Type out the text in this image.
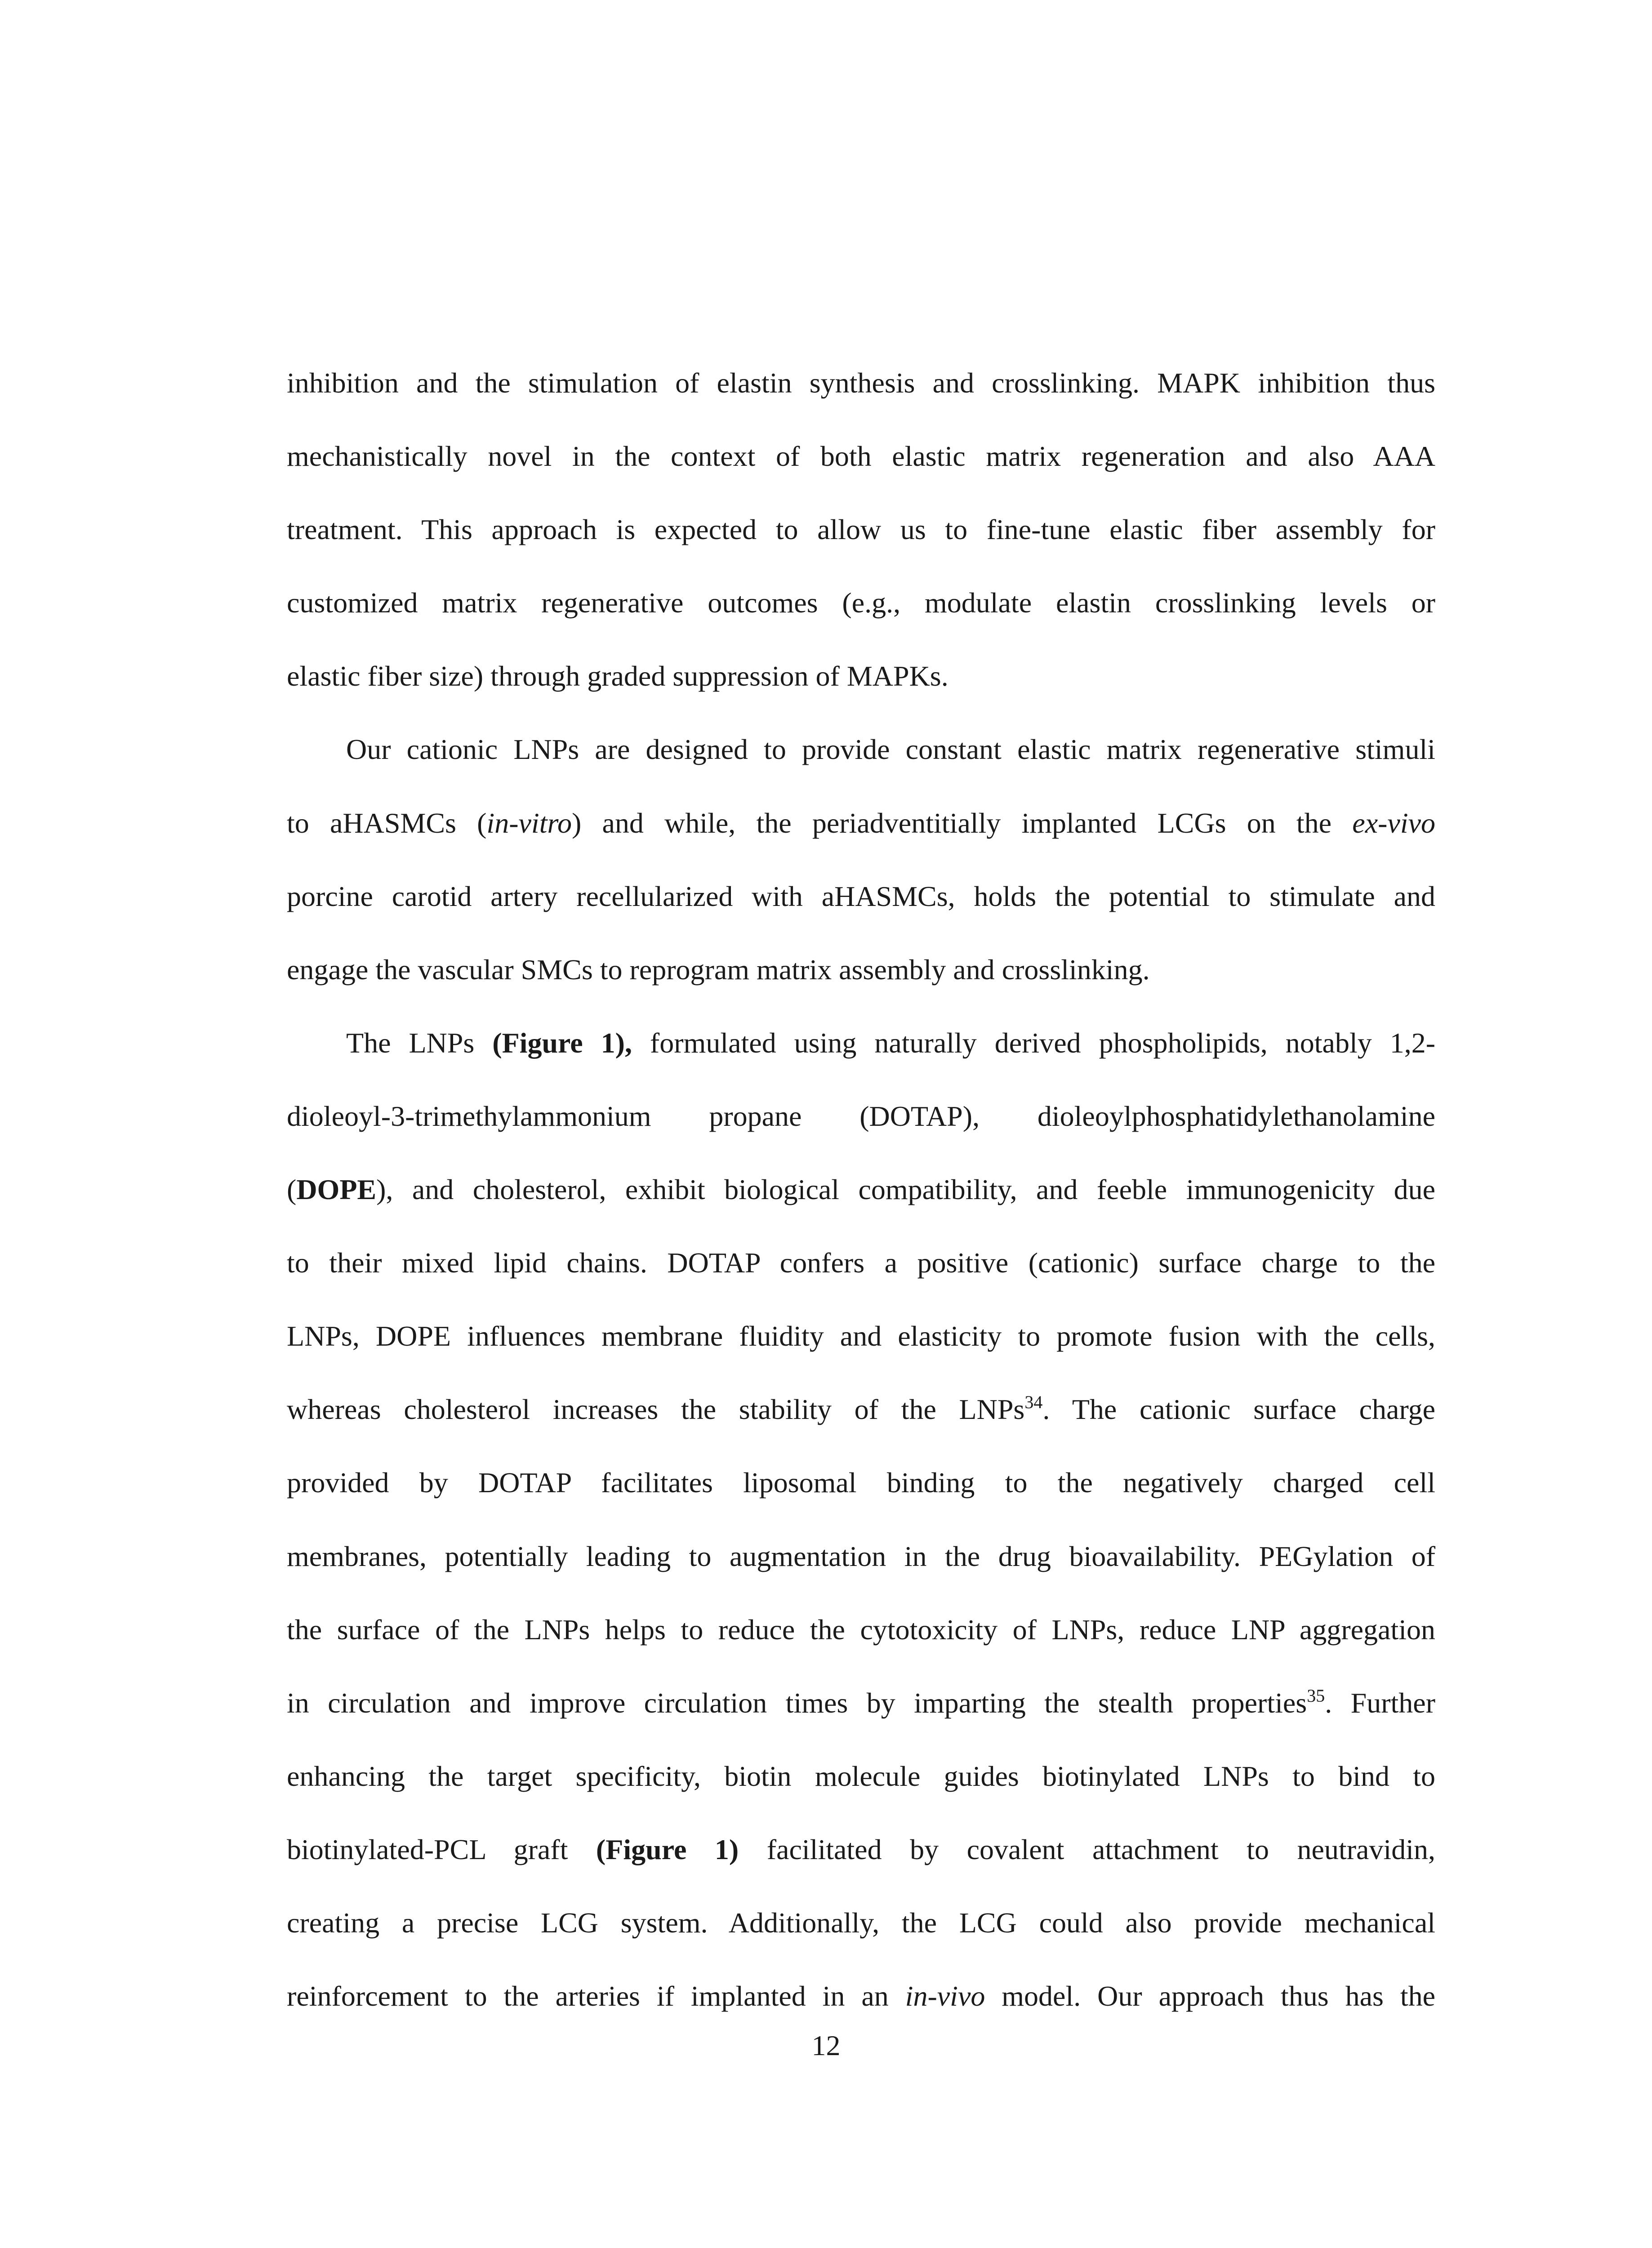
inhibition and the stimulation of elastin synthesis and crosslinking. MAPK inhibition thus
mechanistically novel in the context of both elastic matrix regeneration and also AAA
treatment. This approach is expected to allow us to fine-tune elastic fiber assembly for
customized matrix regenerative outcomes (e.g., modulate elastin crosslinking levels or
elastic fiber size) through graded suppression of MAPKs.
Our cationic LNPs are designed to provide constant elastic matrix regenerative stimuli
to aHASMCs (in-vitro) and while, the periadventitially implanted LCGs on the ex-vivo
porcine carotid artery recellularized with aHASMCs, holds the potential to stimulate and
engage the vascular SMCs to reprogram matrix assembly and crosslinking.
The LNPs (Figure 1), formulated using naturally derived phospholipids, notably 1,2-
dioleoyl-3-trimethylammonium propane (DOTAP), dioleoylphosphatidylethanolamine
(DOPE), and cholesterol, exhibit biological compatibility, and feeble immunogenicity due
to their mixed lipid chains. DOTAP confers a positive (cationic) surface charge to the
LNPs, DOPE influences membrane fluidity and elasticity to promote fusion with the cells,
whereas cholesterol increases the stability of the LNPs$^{34}$. The cationic surface charge
provided by DOTAP facilitates liposomal binding to the negatively charged cell
membranes, potentially leading to augmentation in the drug bioavailability. PEGylation of
the surface of the LNPs helps to reduce the cytotoxicity of LNPs, reduce LNP aggregation
in circulation and improve circulation times by imparting the stealth properties$^{35}$. Further
enhancing the target specificity, biotin molecule guides biotinylated LNPs to bind to
biotinylated-PCL graft (Figure 1) facilitated by covalent attachment to neutravidin,
creating a precise LCG system. Additionally, the LCG could also provide mechanical
reinforcement to the arteries if implanted in an in-vivo model. Our approach thus has the
12
